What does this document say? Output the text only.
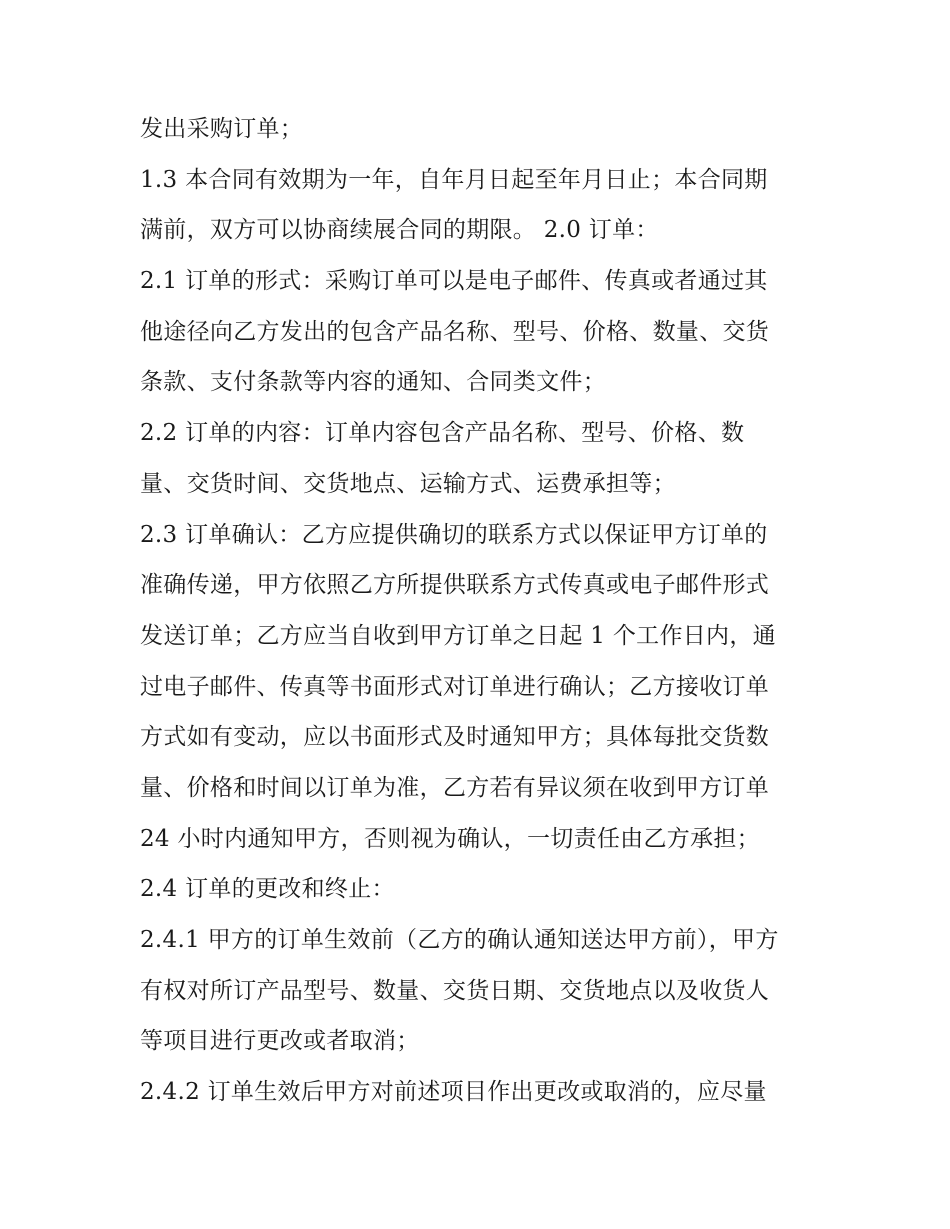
发出采购订单；
1.3 本合同有效期为一年，自年月日起至年月日止；本合同期
满前，双方可以协商续展合同的期限。 2.0 订单：
2.1 订单的形式：采购订单可以是电子邮件、传真或者通过其
他途径向乙方发出的包含产品名称、型号、价格、数量、交货
条款、支付条款等内容的通知、合同类文件；
2.2 订单的内容：订单内容包含产品名称、型号、价格、数
量、交货时间、交货地点、运输方式、运费承担等；
2.3 订单确认：乙方应提供确切的联系方式以保证甲方订单的
准确传递，甲方依照乙方所提供联系方式传真或电子邮件形式
发送订单；乙方应当自收到甲方订单之日起 1 个工作日内，通
过电子邮件、传真等书面形式对订单进行确认；乙方接收订单
方式如有变动，应以书面形式及时通知甲方；具体每批交货数
量、价格和时间以订单为准，乙方若有异议须在收到甲方订单
24 小时内通知甲方，否则视为确认，一切责任由乙方承担；
2.4 订单的更改和终止：
2.4.1 甲方的订单生效前（乙方的确认通知送达甲方前），甲方
有权对所订产品型号、数量、交货日期、交货地点以及收货人
等项目进行更改或者取消；
2.4.2 订单生效后甲方对前述项目作出更改或取消的，应尽量
